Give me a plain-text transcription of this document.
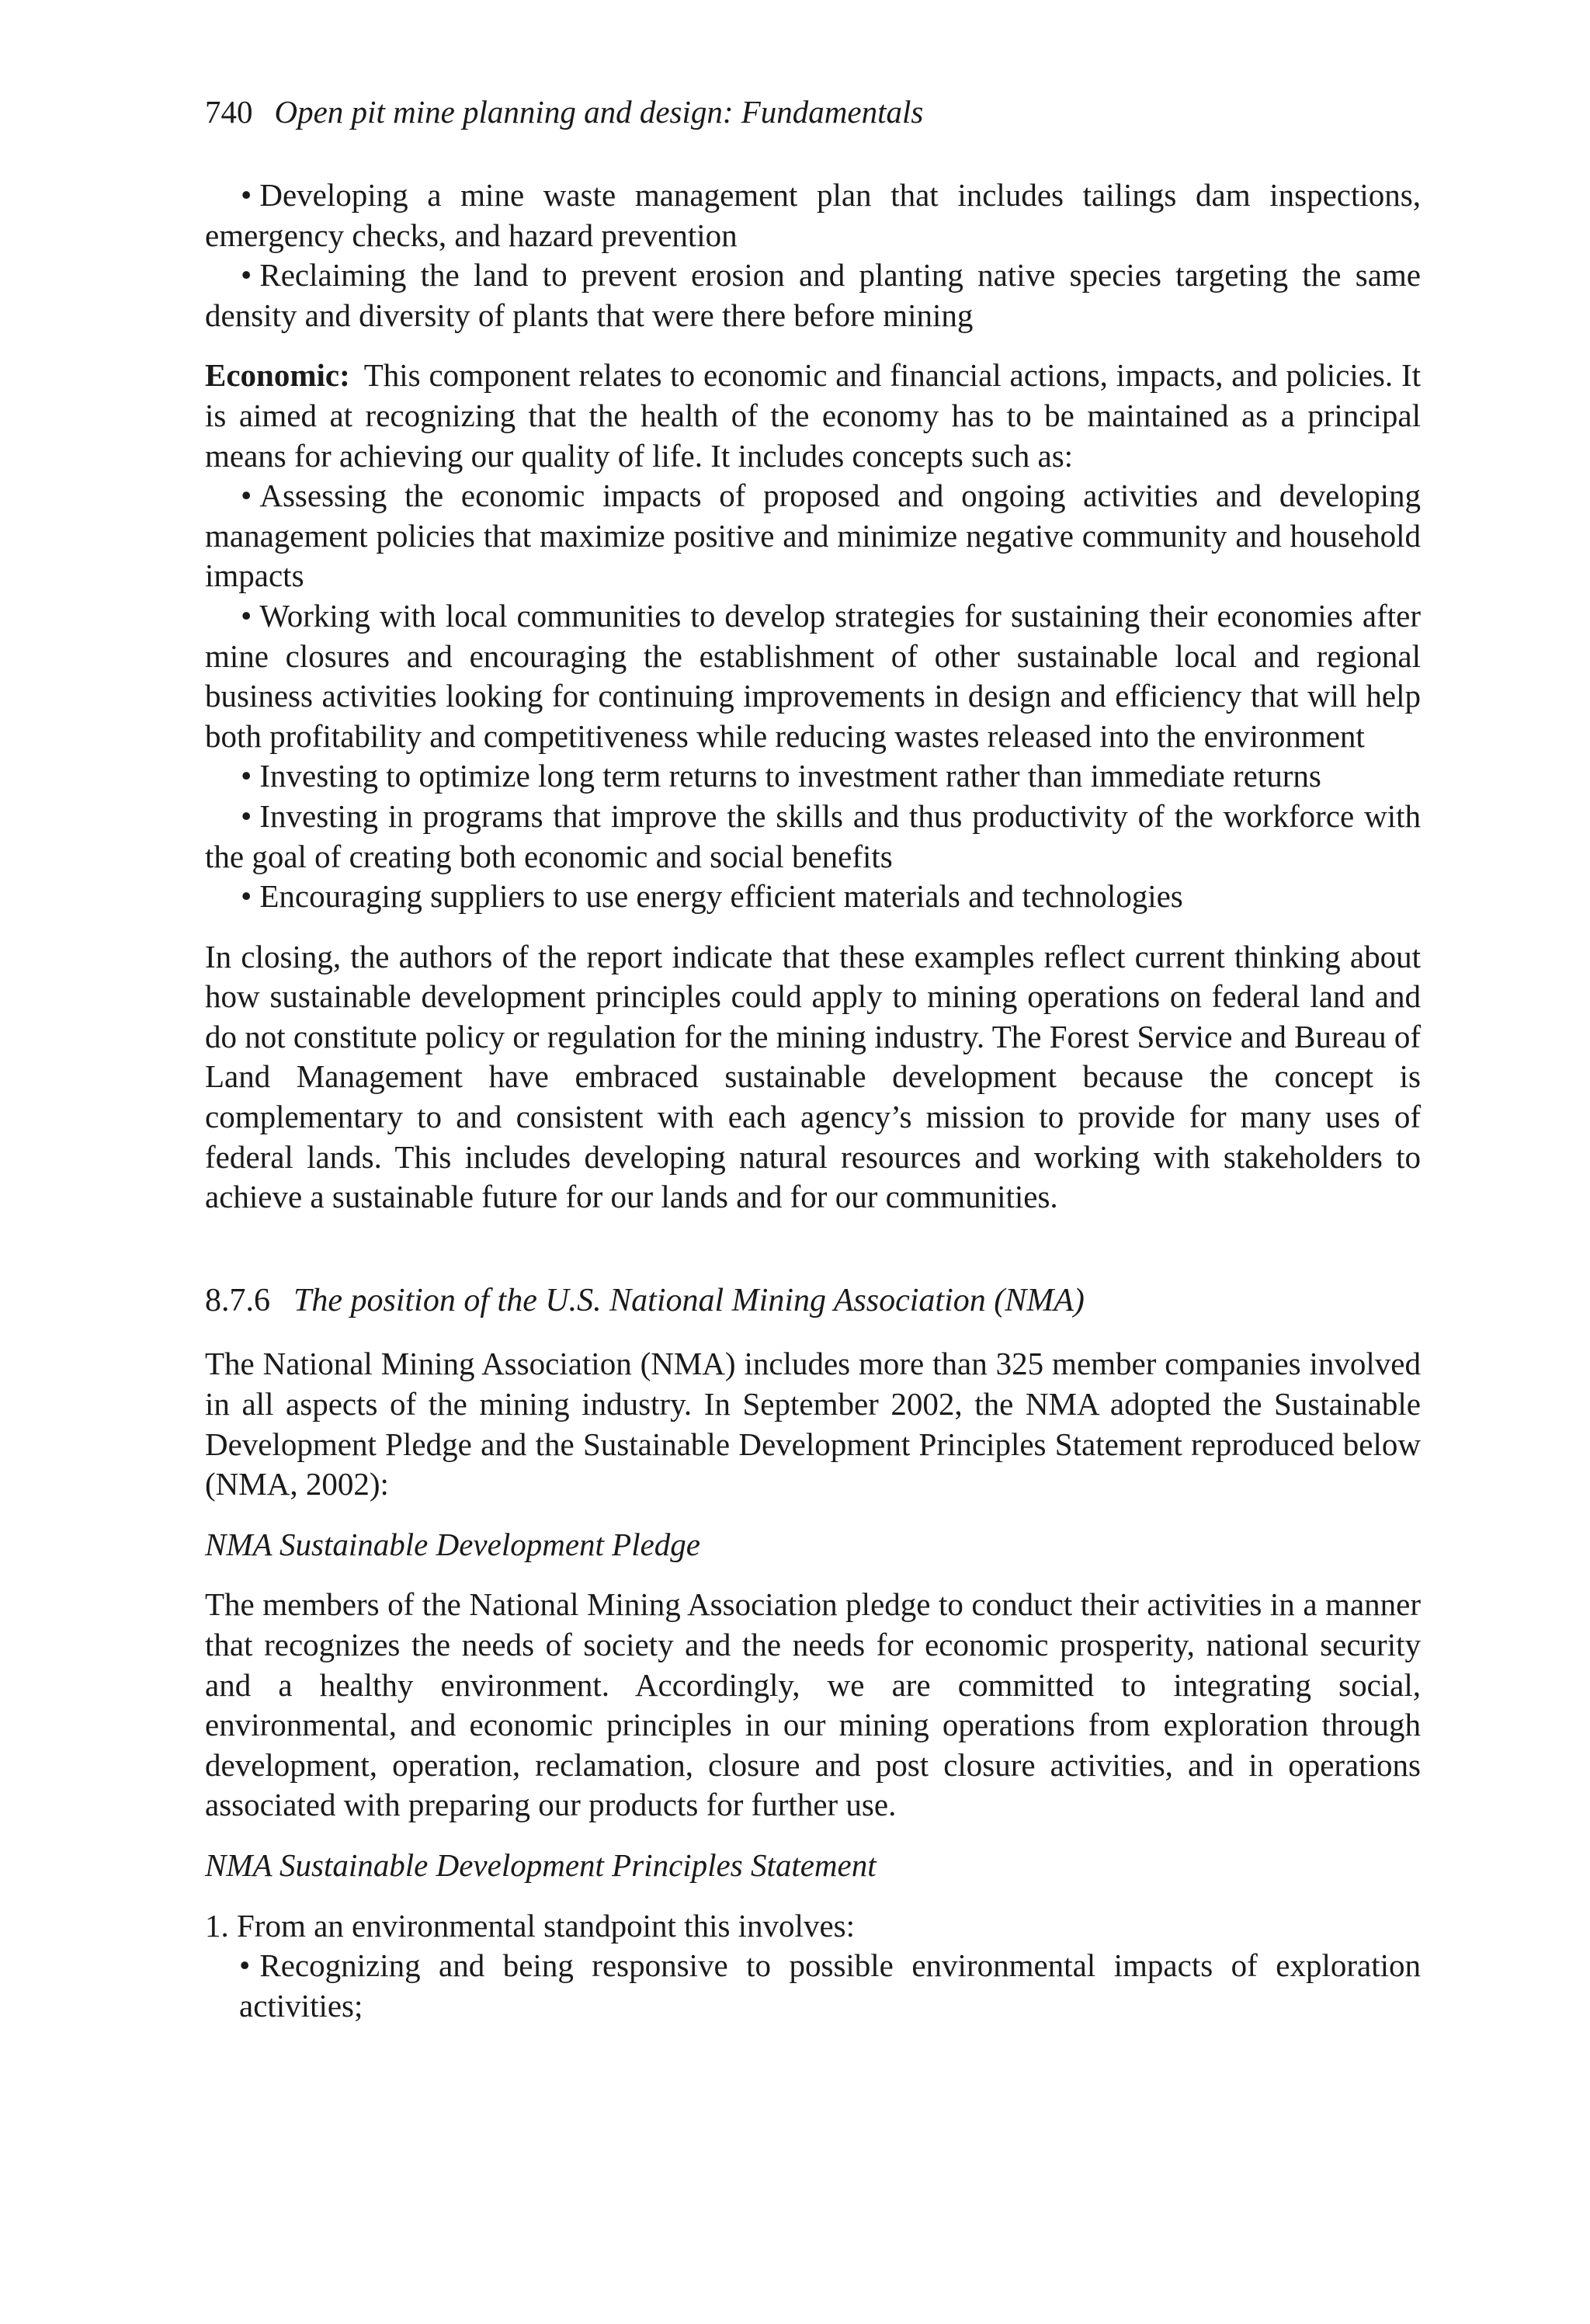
740 Open pit mine planning and design: Fundamentals

• Developing a mine waste management plan that includes tailings dam inspections, emergency checks, and hazard prevention

• Reclaiming the land to prevent erosion and planting native species targeting the same density and diversity of plants that were there before mining

Economic: This component relates to economic and financial actions, impacts, and policies. It is aimed at recognizing that the health of the economy has to be maintained as a principal means for achieving our quality of life. It includes concepts such as:

• Assessing the economic impacts of proposed and ongoing activities and developing management policies that maximize positive and minimize negative community and household impacts

• Working with local communities to develop strategies for sustaining their economies after mine closures and encouraging the establishment of other sustainable local and regional business activities looking for continuing improvements in design and efficiency that will help both profitability and competitiveness while reducing wastes released into the environment

• Investing to optimize long term returns to investment rather than immediate returns

• Investing in programs that improve the skills and thus productivity of the workforce with the goal of creating both economic and social benefits

• Encouraging suppliers to use energy efficient materials and technologies

In closing, the authors of the report indicate that these examples reflect current thinking about how sustainable development principles could apply to mining operations on federal land and do not constitute policy or regulation for the mining industry. The Forest Service and Bureau of Land Management have embraced sustainable development because the concept is complementary to and consistent with each agency’s mission to provide for many uses of federal lands. This includes developing natural resources and working with stakeholders to achieve a sustainable future for our lands and for our communities.

8.7.6 The position of the U.S. National Mining Association (NMA)

The National Mining Association (NMA) includes more than 325 member companies involved in all aspects of the mining industry. In September 2002, the NMA adopted the Sustainable Development Pledge and the Sustainable Development Principles Statement reproduced below (NMA, 2002):

NMA Sustainable Development Pledge

The members of the National Mining Association pledge to conduct their activities in a manner that recognizes the needs of society and the needs for economic prosperity, national security and a healthy environment. Accordingly, we are committed to integrating social, environmental, and economic principles in our mining operations from exploration through development, operation, reclamation, closure and post closure activities, and in operations associated with preparing our products for further use.

NMA Sustainable Development Principles Statement

1. From an environmental standpoint this involves:

• Recognizing and being responsive to possible environmental impacts of exploration activities;
